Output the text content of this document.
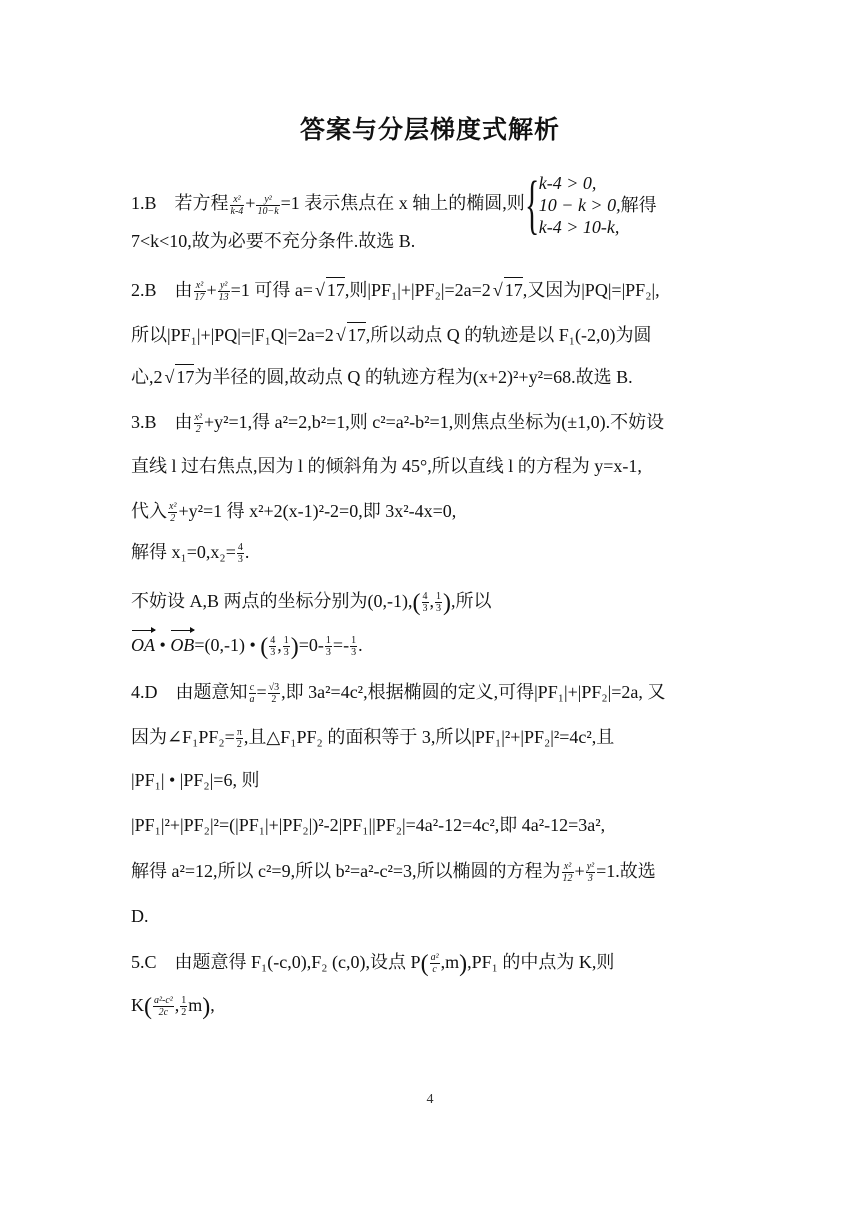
答案与分层梯度式解析
1.B 若方程 $\frac{\text{x²}}{k-4} + \frac{\text{y²}}{10-k} =1$ 表示焦点在 x 轴上的椭圆,则 { k-4 > 0,
10 − k > 0,
k-4 > 10-k,
解得
7<k<10,故为必要不充分条件.故选 B.
2.B 由 $\frac{\text{x²}}{17} + \frac{\text{y²}}{13} =1$ 可得 a= √ 17,则|PF₁|+|PF₂|=2a=2 √ 17,又因为|PQ|=|PF₂|,
所以|PF₁|+|PQ|=|F₁Q|=2a=2 √ 17,所以动点 Q 的轨迹是以 F₁(-2,0)为圆
心,2 √ 17为半径的圆,故动点 Q 的轨迹方程为(x+2)²+y²=68.故选 B.
3.B 由 $\frac{\text{x²}}{2} +y^2=1$,得 a²=2,b²=1,则 c²=a²-b²=1,则焦点坐标为(±1,0).不妨设
直线 l 过右焦点,因为 l 的倾斜角为 45°,所以直线 l 的方程为 y=x-1,
代入 $\frac{\text{x²}}{2} +y^2=1$ 得 x²+2(x-1)²-2=0,即 3x²-4x=0,
解得 $x_1=0,x_2= \frac{4}{3}$ .
不妨设 A,B 两点的坐标分别为$(0,-1),( \frac{4}{3}$ , $\frac{1}{3}$ ),所以
OA • OB=(0,-1) • ( $\frac{4}{3}$ , $\frac{1}{3} )=0- \frac{1}{3} =- \frac{1}{3}$ .
4.D 由题意知 $\frac{c}{a} = \frac{√3}{2}$ ,即 3a²=4c²,根据椭圆的定义,可得|PF₁|+|PF₂|=2a, 又
因为∠F₁PF₂= $\frac{\pi}{2}$ ,且△F₁PF₂ 的面积等于 3,所以|PF₁|²+|PF₂|²=4c²,且
|PF₁| • |PF₂|=6, 则
|PF₁|²+|PF₂|²=(|PF₁|+|PF₂|)²-2|PF₁||PF₂|=4a²-12=4c²,即 4a²-12=3a²,
解得 a²=12,所以 c²=9,所以 b²=a²-c²=3,所以椭圆的方程为 $\frac{\text{x²}}{12} + \frac{\text{y²}}{3} =1$.故选
D.
5.C 由题意得 F₁(-c,0),F₂ (c,0),设点 $P( \frac{\text{a²}}{c} ,m),PF_1$ 的中点为 K,则
$K( \frac{\text{a²-c²}}{2c}$ , $\frac{1}{2} m$),
4
